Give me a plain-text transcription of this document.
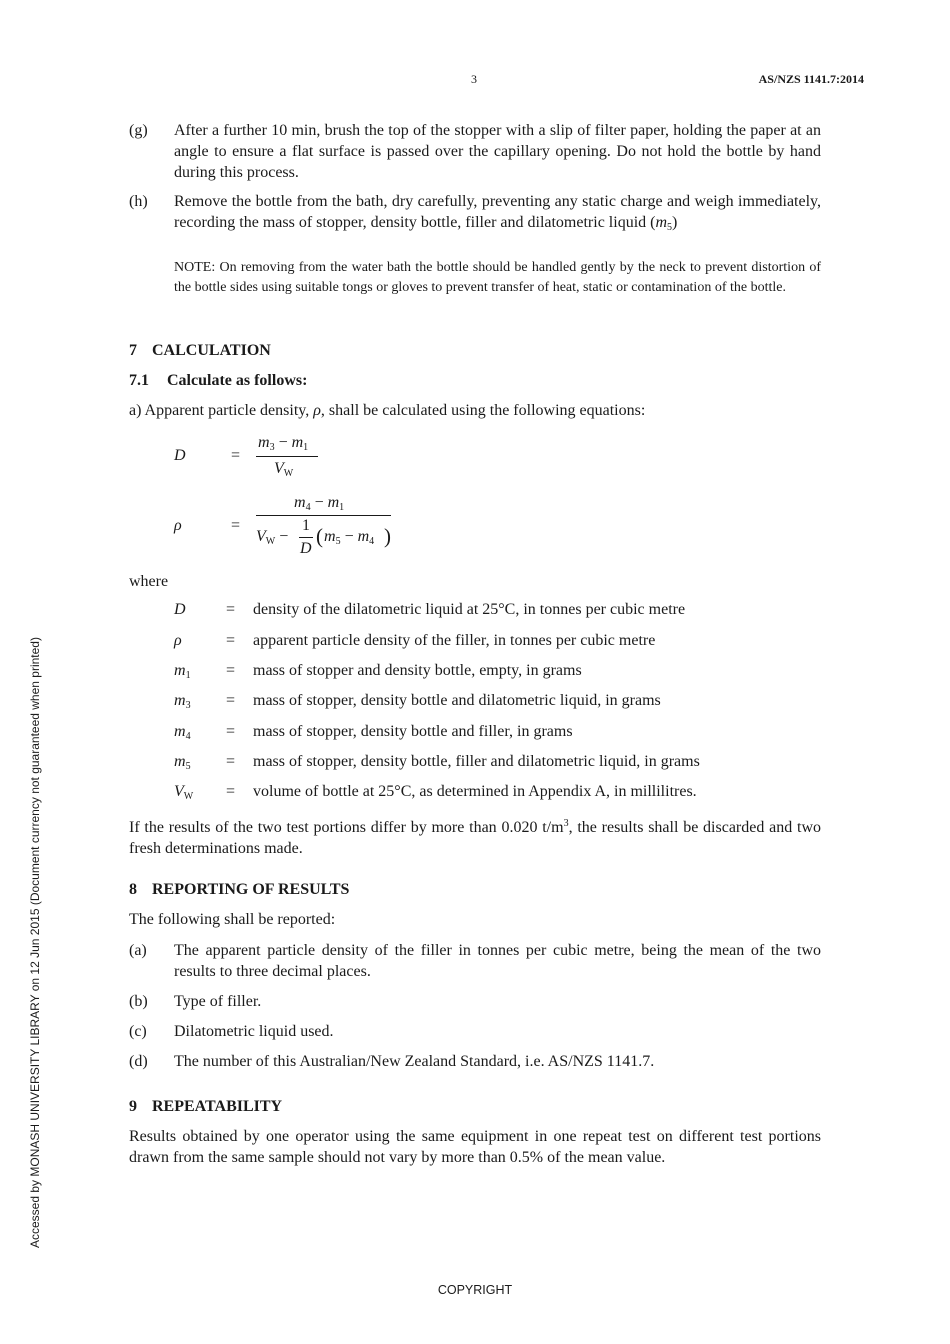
3	AS/NZS 1141.7:2014
Accessed by MONASH UNIVERSITY LIBRARY on 12 Jun 2015 (Document currency not guaranteed when printed)
(g) After a further 10 min, brush the top of the stopper with a slip of filter paper, holding the paper at an angle to ensure a flat surface is passed over the capillary opening. Do not hold the bottle by hand during this process.
(h) Remove the bottle from the bath, dry carefully, preventing any static charge and weigh immediately, recording the mass of stopper, density bottle, filler and dilatometric liquid $(m_5)$
NOTE: On removing from the water bath the bottle should be handled gently by the neck to prevent distortion of the bottle sides using suitable tongs or gloves to prevent transfer of heat, static or contamination of the bottle.
7 CALCULATION
7.1 Calculate as follows:
a) Apparent particle density, ρ, shall be calculated using the following equations:
D	=
$m_3 - m_1$
$V_W$
ρ	=
$m_4 - m_1$
$V_W$ −
1
D
( $m_5 - m_4$ )
where
D	= density of the dilatometric liquid at 25°C, in tonnes per cubic metre
ρ	= apparent particle density of the filler, in tonnes per cubic metre
$m_1$ = mass of stopper and density bottle, empty, in grams
$m_3$ = mass of stopper, density bottle and dilatometric liquid, in grams
$m_4$ = mass of stopper, density bottle and filler, in grams
$m_5$ = mass of stopper, density bottle, filler and dilatometric liquid, in grams
$V_W$ = volume of bottle at 25°C, as determined in Appendix A, in millilitres.
If the results of the two test portions differ by more than 0.020 $t/m^3$, the results shall be discarded and two fresh determinations made.
8 REPORTING OF RESULTS
The following shall be reported:
(a) The apparent particle density of the filler in tonnes per cubic metre, being the mean of the two results to three decimal places.
(b) Type of filler.
(c) Dilatometric liquid used.
(d) The number of this Australian/New Zealand Standard, i.e. AS/NZS 1141.7.
9 REPEATABILITY
Results obtained by one operator using the same equipment in one repeat test on different test portions drawn from the same sample should not vary by more than 0.5% of the mean value.
COPYRIGHT
